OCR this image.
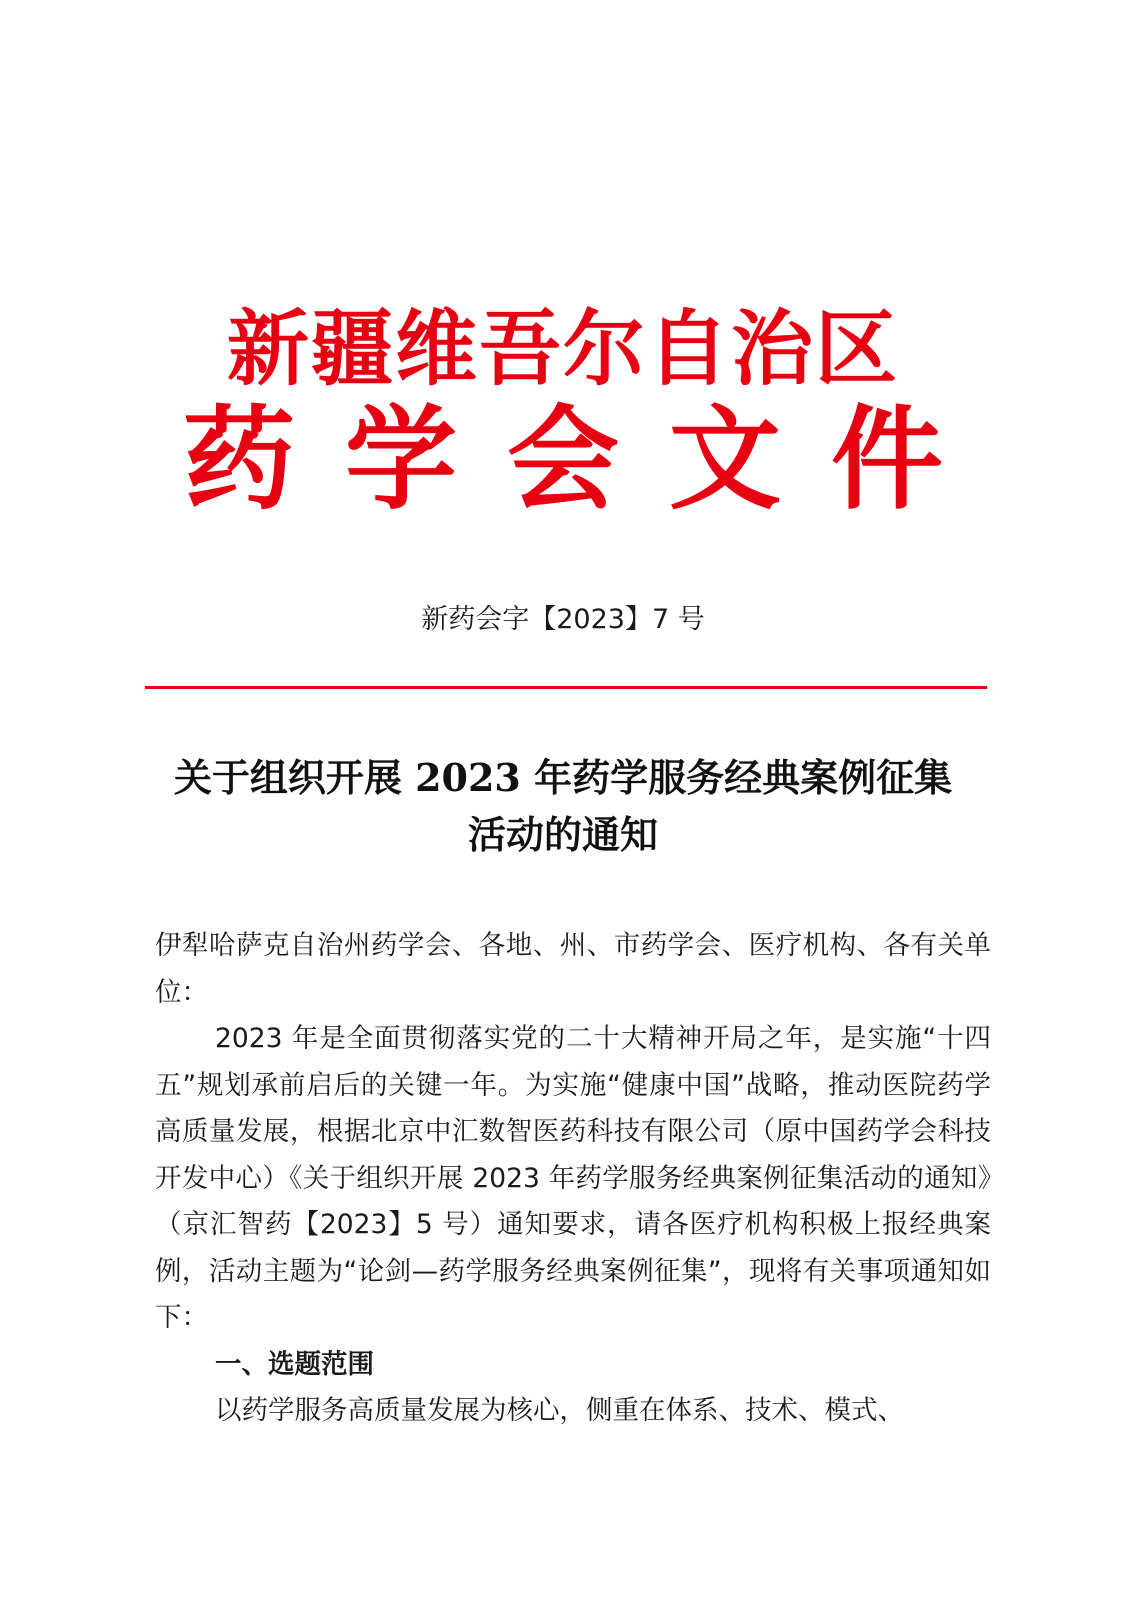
新疆维吾尔自治区
药学会文件
新药会字【2023】7 号
关于组织开展 2023 年药学服务经典案例征集
活动的通知

伊犁哈萨克自治州药学会、各地、州、市药学会、医疗机构、各有关单位：

2023 年是全面贯彻落实党的二十大精神开局之年，是实施“十四五”规划承前启后的关键一年。为实施“健康中国”战略，推动医院药学高质量发展，根据北京中汇数智医药科技有限公司（原中国药学会科技开发中心）《关于组织开展 2023 年药学服务经典案例征集活动的通知》（京汇智药【2023】5 号）通知要求，请各医疗机构积极上报经典案例，活动主题为“论剑—药学服务经典案例征集”，现将有关事项通知如下：

一、选题范围

以药学服务高质量发展为核心，侧重在体系、技术、模式、
